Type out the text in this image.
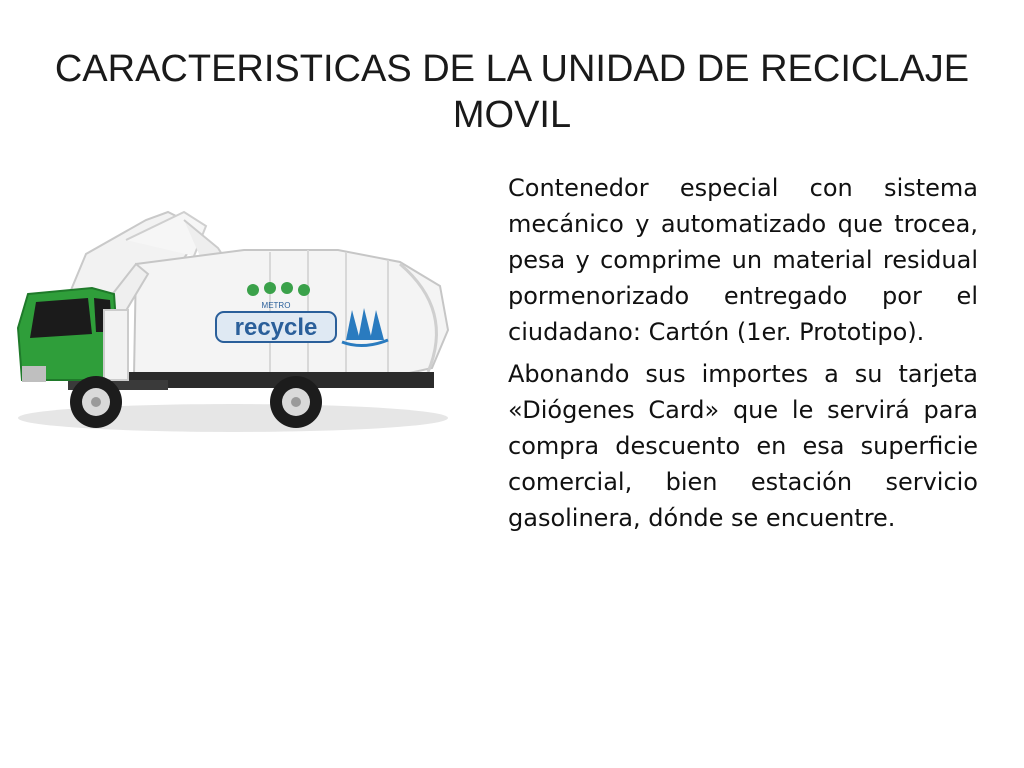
CARACTERISTICAS DE LA UNIDAD DE RECICLAJE MOVIL
METRO
recycle

Contenedor especial con sistema mecánico y automatizado que trocea, pesa y comprime un material residual pormenorizado entregado por el ciudadano: Cartón (1er. Prototipo).

Abonando sus importes a su tarjeta «Diógenes Card» que le servirá para compra descuento en esa superficie comercial, bien estación servicio gasolinera, dónde se encuentre.
